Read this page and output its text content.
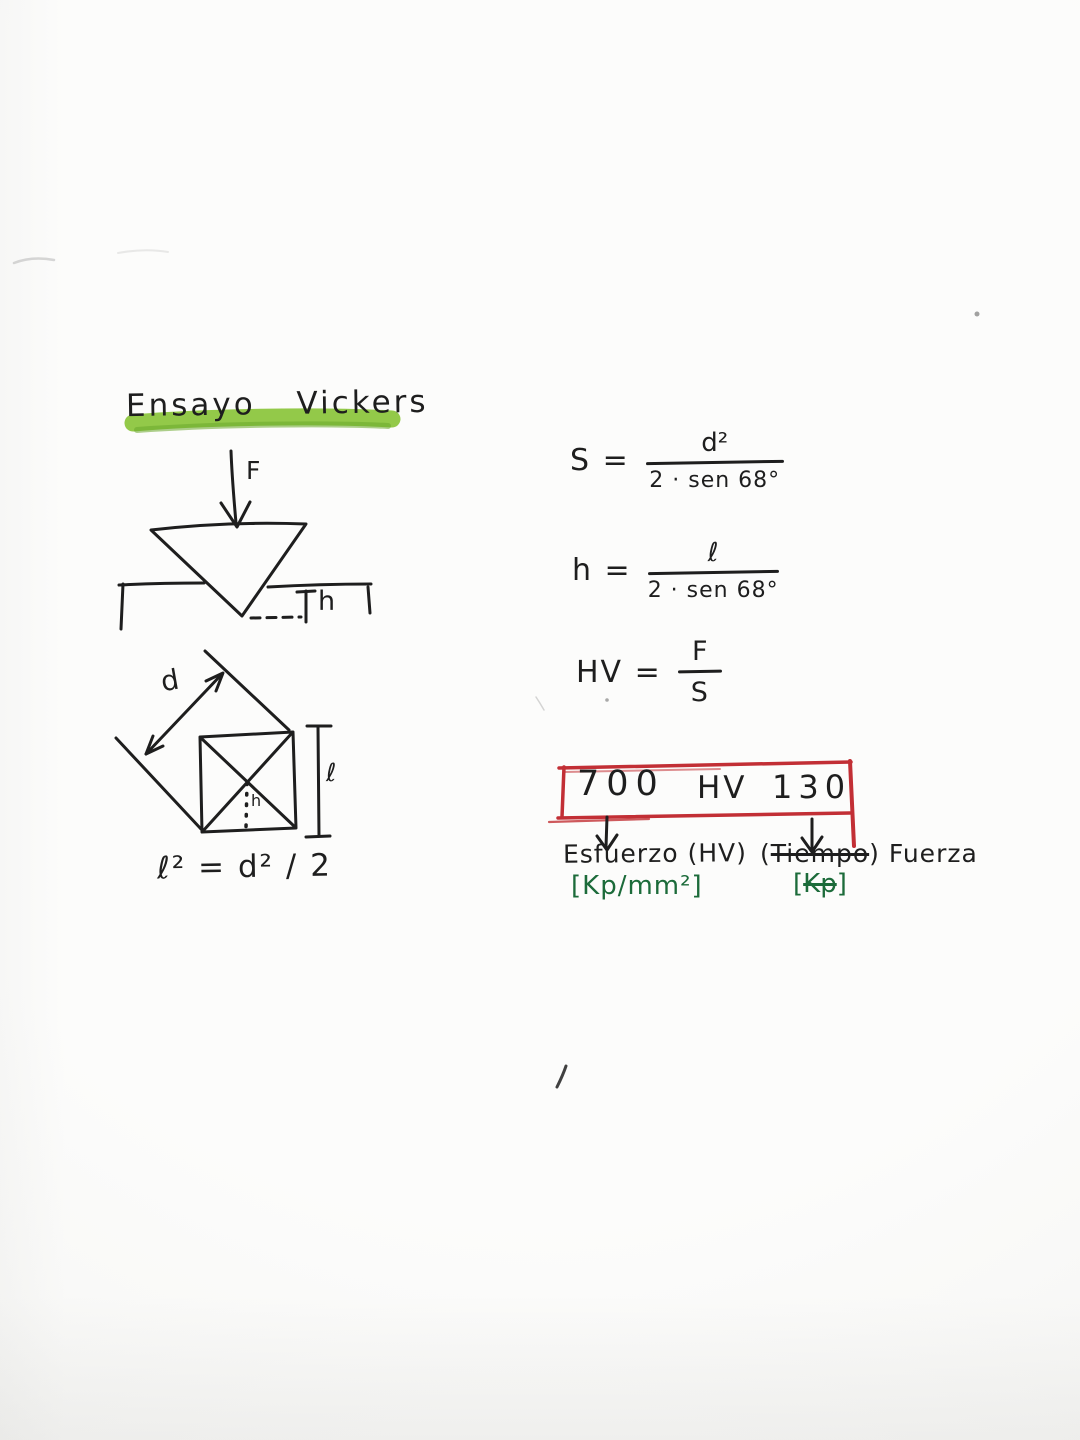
Ensayo Vickers
F
h
d
ℓ
h
ℓ² = d² / 2
S =	d²
2 · sen 68°
h =	ℓ
2 · sen 68°
HV = $\frac{F}{S}$
700 HV 130
Esfuerzo (HV)
[Kp/mm²]
(Tiempo) Fuerza
[Kp]
